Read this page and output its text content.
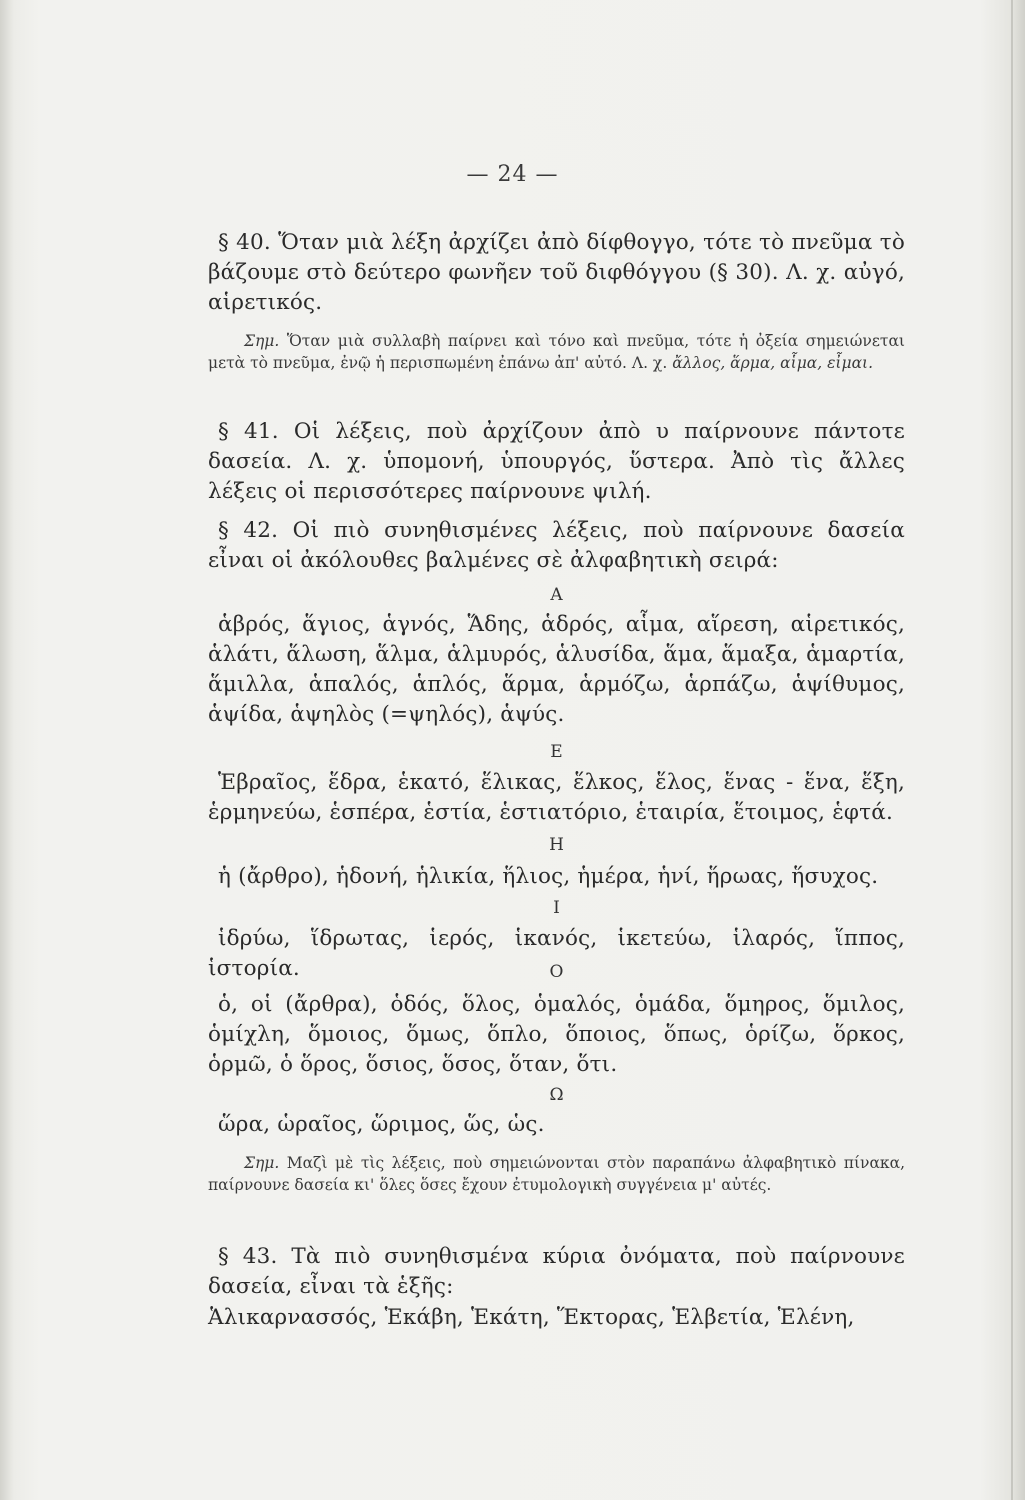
— 24 —
§ 40. Ὅταν μιὰ λέξη ἀρχίζει ἀπὸ δίφθογγο, τότε τὸ πνεῦμα τὸ βάζουμε στὸ δεύτερο φωνῆεν τοῦ διφθόγγου (§ 30). Λ. χ. αὐγό, αἱρετικός.
Σημ. Ὅταν μιὰ συλλαβὴ παίρνει καὶ τόνο καὶ πνεῦμα, τότε ἡ ὀξεία σημειώνεται μετὰ τὸ πνεῦμα, ἐνῷ ἡ περισπωμένη ἐπάνω ἀπ' αὐτό. Λ. χ. ἄλλος, ἅρμα, αἷμα, εἶμαι.
§ 41. Οἱ λέξεις, ποὺ ἀρχίζουν ἀπὸ υ παίρνουνε πάντοτε δασεία. Λ. χ. ὑπομονή, ὑπουργός, ὕστερα. Ἀπὸ τὶς ἄλλες λέξεις οἱ περισσότερες παίρνουνε ψιλή.
§ 42. Οἱ πιὸ συνηθισμένες λέξεις, ποὺ παίρνουνε δασεία εἶναι οἱ ἀκόλουθες βαλμένες σὲ ἀλφαβητικὴ σειρά:
Α
ἁβρός, ἅγιος, ἁγνός, Ἅδης, ἁδρός, αἷμα, αἵρεση, αἱρετικός, ἁλάτι, ἅλωση, ἅλμα, ἁλμυρός, ἁλυσίδα, ἅμα, ἅμαξα, ἁμαρτία, ἅμιλλα, ἁπαλός, ἁπλός, ἅρμα, ἁρμόζω, ἁρπάζω, ἁψίθυμος, ἁψίδα, ἁψηλὸς (=ψηλός), ἁψύς.
Ε
Ἑβραῖος, ἕδρα, ἑκατό, ἕλικας, ἕλκος, ἕλος, ἕνας - ἕνα, ἕξη, ἑρμηνεύω, ἑσπέρα, ἑστία, ἑστιατόριο, ἑταιρία, ἕτοιμος, ἑφτά.
Η
ἡ (ἄρθρο), ἡδονή, ἡλικία, ἥλιος, ἡμέρα, ἡνί, ἥρωας, ἥσυχος.
Ι
ἱδρύω, ἵδρωτας, ἱερός, ἱκανός, ἱκετεύω, ἱλαρός, ἵππος, ἱστορία.	Ο
ὁ, οἱ (ἄρθρα), ὁδός, ὅλος, ὁμαλός, ὁμάδα, ὅμηρος, ὅμιλος, ὁμίχλη, ὅμοιος, ὅμως, ὅπλο, ὅποιος, ὅπως, ὁρίζω, ὅρκος, ὁρμῶ, ὁ ὅρος, ὅσιος, ὅσος, ὅταν, ὅτι.
Ω
ὥρα, ὡραῖος, ὥριμος, ὥς, ὡς.
Σημ. Μαζὶ μὲ τὶς λέξεις, ποὺ σημειώνονται στὸν παραπάνω ἀλφαβητικὸ πίνακα, παίρνουνε δασεία κι' ὅλες ὅσες ἔχουν ἐτυμολογικὴ συγγένεια μ' αὐτές.
§ 43. Τὰ πιὸ συνηθισμένα κύρια ὀνόματα, ποὺ παίρνουνε δασεία, εἶναι τὰ ἑξῆς:
Ἁλικαρνασσός, Ἑκάβη, Ἑκάτη, Ἕκτορας, Ἑλβετία, Ἑλένη,
